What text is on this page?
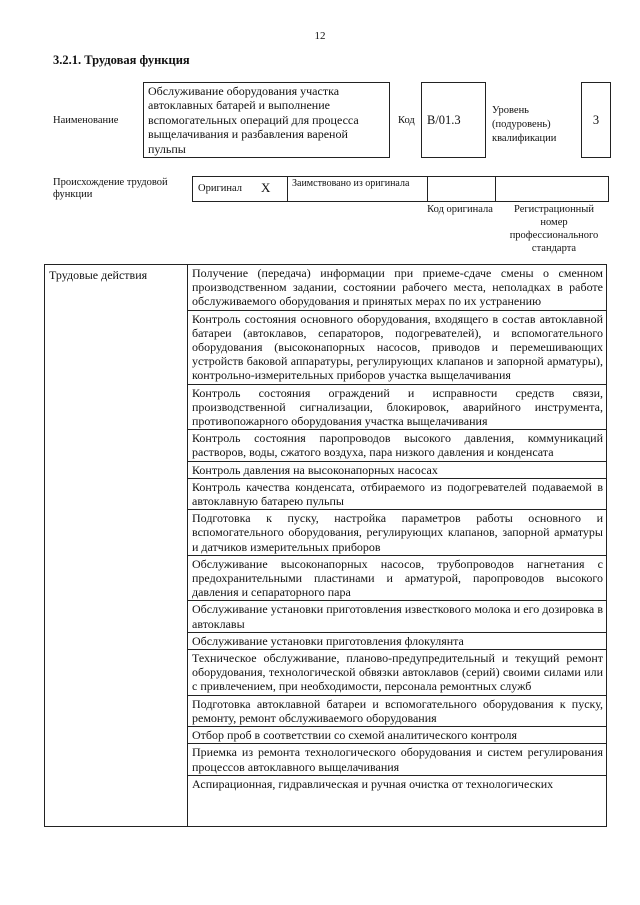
12
3.2.1. Трудовая функция
Наименование
Обслуживание оборудования участка автоклавных батарей и выполнение вспомогательных операций для процесса выщелачивания и разбавления вареной пульпы
Код B/01.3
Уровень (подуровень) квалификации
3
Происхождение трудовой функции
Оригинал X	Заимствовано из оригинала
Код оригинала	Регистрационный номер профессионального стандарта
Трудовые действия	Получение (передача) информации при приеме-сдаче смены о сменном производственном задании, состоянии рабочего места, неполадках в работе обслуживаемого оборудования и принятых мерах по их устранению
Контроль состояния основного оборудования, входящего в состав автоклавной батареи (автоклавов, сепараторов, подогревателей), и вспомогательного оборудования (высоконапорных насосов, приводов и перемешивающих устройств баковой аппаратуры, регулирующих клапанов и запорной арматуры), контрольно-измерительных приборов участка выщелачивания
Контроль состояния ограждений и исправности средств связи, производственной сигнализации, блокировок, аварийного инструмента, противопожарного оборудования участка выщелачивания
Контроль состояния паропроводов высокого давления, коммуникаций растворов, воды, сжатого воздуха, пара низкого давления и конденсата
Контроль давления на высоконапорных насосах
Контроль качества конденсата, отбираемого из подогревателей подаваемой в автоклавную батарею пульпы
Подготовка к пуску, настройка параметров работы основного и вспомогательного оборудования, регулирующих клапанов, запорной арматуры и датчиков измерительных приборов
Обслуживание высоконапорных насосов, трубопроводов нагнетания с предохранительными пластинами и арматурой, паропроводов высокого давления и сепараторного пара
Обслуживание установки приготовления известкового молока и его дозировка в автоклавы
Обслуживание установки приготовления флокулянта
Техническое обслуживание, планово-предупредительный и текущий ремонт оборудования, технологической обвязки автоклавов (серий) своими силами или с привлечением, при необходимости, персонала ремонтных служб
Подготовка автоклавной батареи и вспомогательного оборудования к пуску, ремонту, ремонт обслуживаемого оборудования
Отбор проб в соответствии со схемой аналитического контроля
Приемка из ремонта технологического оборудования и систем регулирования процессов автоклавного выщелачивания
Аспирационная, гидравлическая и ручная очистка от технологических
